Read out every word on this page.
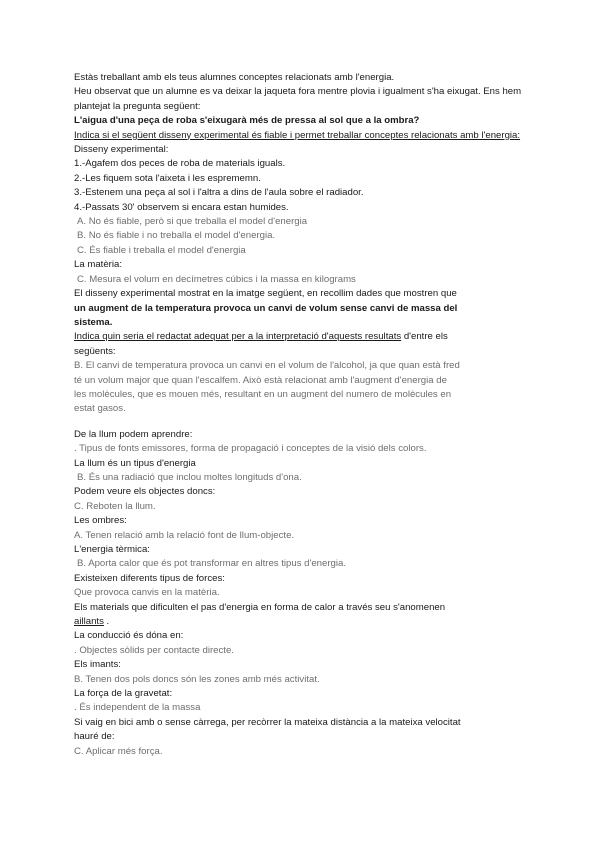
Estàs treballant amb els teus alumnes conceptes relacionats amb l'energia.
Heu observat que un alumne es va deixar la jaqueta fora mentre plovia i igualment s'ha eixugat. Ens hem
plantejat la pregunta següent:
L'aigua d'una peça de roba s'eixugarà més de pressa al sol que a la ombra?
Indica si el següent disseny experimental és fiable i permet treballar conceptes relacionats amb l'energia:
Disseny experimental:
1.-Agafem dos peces de roba de materials iguals.
2.-Les fiquem sota l'aixeta i les esprememn.
3.-Estenem una peça al sol i l'altra a dins de l'aula sobre el radiador.
4.-Passats 30' observem si encara estan humides.
A. No és fiable, però si que treballa el model d'energia
B. No és fiable i no treballa el model d'energia.
C. És fiable i treballa el model d'energia
La matèria:
C. Mesura el volum en decímetres cúbics i la massa en kilograms
El disseny experimental mostrat en la imatge següent, en recollim dades que mostren que
un augment de la temperatura provoca un canvi de volum sense canvi de massa del
sistema.
Indica quin seria el redactat adequat per a la interpretació d'aquests resultats d'entre els
següents:
B. El canvi de temperatura provoca un canvi en el volum de l'alcohol, ja que quan està fred
té un volum major que quan l'escalfem. Això està relacionat amb l'augment d'energia de
les molècules, que es mouen més, resultant en un augment del numero de molècules en
estat gasos.
De la llum podem aprendre:
. Tipus de fonts emissores, forma de propagació i conceptes de la visió dels colors.
La llum és un tipus d'energia
B. És una radiació que inclou moltes longituds d'ona.
Podem veure els objectes doncs:
C. Reboten la llum.
Les ombres:
A. Tenen relació amb la relació font de llum-objecte.
L'energia tèrmica:
B. Aporta calor que és pot transformar en altres tipus d'energia.
Existeixen diferents tipus de forces:
Que provoca canvis en la matèria.
Els materials que dificulten el pas d'energia en forma de calor a través seu s'anomenen
aillants .
La conducció és dóna en:
. Objectes sòlids per contacte directe.
Els imants:
B. Tenen dos pols doncs són les zones amb més activitat.
La força de la gravetat:
. És independent de la massa
Si vaig en bici amb o sense càrrega, per recòrrer la mateixa distància a la mateixa velocitat
hauré de:
C. Aplicar més força.
